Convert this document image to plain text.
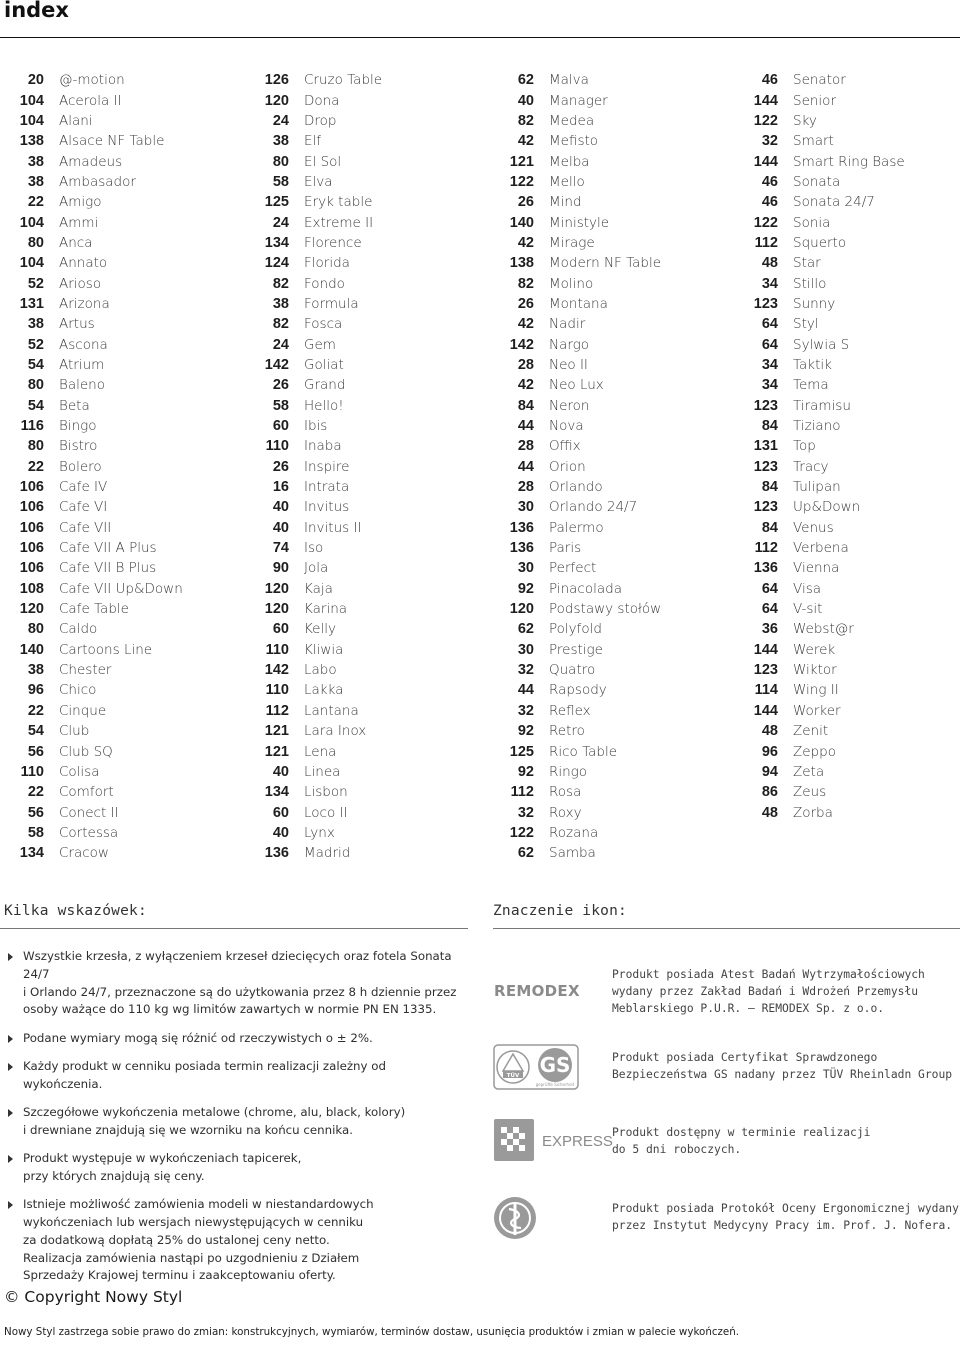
index
20 @-motion
104 Acerola II
104 Alani
138 Alsace NF Table
38 Amadeus
38 Ambasador
22 Amigo
104 Ammi
80 Anca
104 Annato
52 Arioso
131 Arizona
38 Artus
52 Ascona
54 Atrium
80 Baleno
54 Beta
116 Bingo
80 Bistro
22 Bolero
106 Cafe IV
106 Cafe VI
106 Cafe VII
106 Cafe VII A Plus
106 Cafe VII B Plus
108 Cafe VII Up&Down
120 Cafe Table
80 Caldo
140 Cartoons Line
38 Chester
96 Chico
22 Cinque
54 Club
56 Club SQ
110 Colisa
22 Comfort
56 Conect II
58 Cortessa
134 Cracow
126 Cruzo Table
120 Dona
24 Drop
38 Elf
80 El Sol
58 Elva
125 Eryk table
24 Extreme II
134 Florence
124 Florida
82 Fondo
38 Formula
82 Fosca
24 Gem
142 Goliat
26 Grand
58 Hello!
60 Ibis
110 Inaba
26 Inspire
16 Intrata
40 Invitus
40 Invitus II
74 Iso
90 Jola
120 Kaja
120 Karina
60 Kelly
110 Kliwia
142 Labo
110 Lakka
112 Lantana
121 Lara Inox
121 Lena
40 Linea
134 Lisbon
60 Loco II
40 Lynx
136 Madrid
62 Malva
40 Manager
82 Medea
42 Mefisto
121 Melba
122 Mello
26 Mind
140 Ministyle
42 Mirage
138 Modern NF Table
82 Molino
26 Montana
42 Nadir
142 Nargo
28 Neo II
42 Neo Lux
84 Neron
44 Nova
28 Offix
44 Orion
28 Orlando
30 Orlando 24/7
136 Palermo
136 Paris
30 Perfect
92 Pinacolada
120 Podstawy stołów
62 Polyfold
30 Prestige
32 Quatro
44 Rapsody
32 Reflex
92 Retro
125 Rico Table
92 Ringo
112 Rosa
32 Roxy
122 Rozana
62 Samba
46 Senator
144 Senior
122 Sky
32 Smart
144 Smart Ring Base
46 Sonata
46 Sonata 24/7
122 Sonia
112 Squerto
48 Star
34 Stillo
123 Sunny
64 Styl
64 Sylwia S
34 Taktik
34 Tema
123 Tiramisu
84 Tiziano
131 Top
123 Tracy
84 Tulipan
123 Up&Down
84 Venus
112 Verbena
136 Vienna
64 Visa
64 V-sit
36 Webst@r
144 Werek
123 Wiktor
114 Wing II
144 Worker
48 Zenit
96 Zeppo
94 Zeta
86 Zeus
48 Zorba
Kilka wskazówek:
Wszystkie krzesła, z wyłączeniem krzeseł dziecięcych oraz fotela Sonata 24/7
i Orlando 24/7, przeznaczone są do użytkowania przez 8 h dziennie przez
osoby ważące do 110 kg wg limitów zawartych w normie PN EN 1335.
Podane wymiary mogą się różnić od rzeczywistych o ± 2%.
Każdy produkt w cenniku posiada termin realizacji zależny od wykończenia.
Szczegółowe wykończenia metalowe (chrome, alu, black, kolory)
i drewniane znajdują się we wzorniku na końcu cennika.
Produkt występuje w wykończeniach tapicerek,
przy których znajdują się ceny.
Istnieje możliwość zamówienia modeli w niestandardowych
wykończeniach lub wersjach niewystępujących w cenniku
za dodatkową dopłatą 25% do ustalonej ceny netto.
Realizacja zamówienia nastąpi po uzgodnieniu z Działem
Sprzedaży Krajowej terminu i zaakceptowaniu oferty.
Znaczenie ikon:
REMODEX
Produkt posiada Atest Badań Wytrzymałościowych
wydany przez Zakład Badań i Wdrożeń Przemysłu
Meblarskiego P.U.R. — REMODEX Sp. z o.o.
TÜV GS
geprüfte Sicherheit
Produkt posiada Certyfikat Sprawdzonego
Bezpieczeństwa GS nadany przez TÜV Rheinladn Group
EXPRESS
Produkt dostępny w terminie realizacji
do 5 dni roboczych.
Produkt posiada Protokół Oceny Ergonomicznej wydany
przez Instytut Medycyny Pracy im. Prof. J. Nofera.
© Copyright Nowy Styl
Nowy Styl zastrzega sobie prawo do zmian: konstrukcyjnych, wymiarów, terminów dostaw, usunięcia produktów i zmian w palecie wykończeń.
